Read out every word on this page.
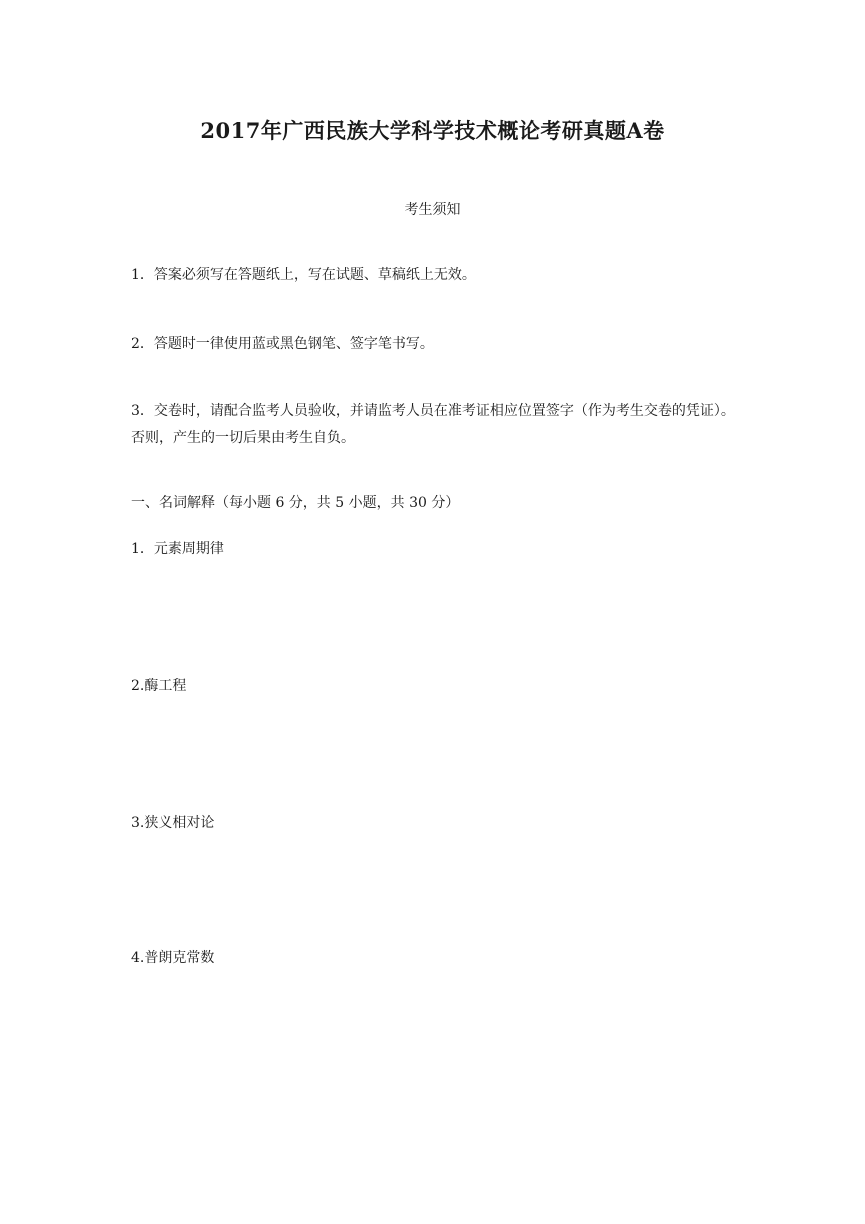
2017年广西民族大学科学技术概论考研真题A卷

考生须知

1．答案必须写在答题纸上，写在试题、草稿纸上无效。

2．答题时一律使用蓝或黑色钢笔、签字笔书写。

3．交卷时，请配合监考人员验收，并请监考人员在准考证相应位置签字（作为考生交卷的凭证）。否则，产生的一切后果由考生自负。

一、名词解释（每小题 6 分，共 5 小题，共 30 分）

1．元素周期律

2.酶工程

3.狭义相对论

4.普朗克常数
